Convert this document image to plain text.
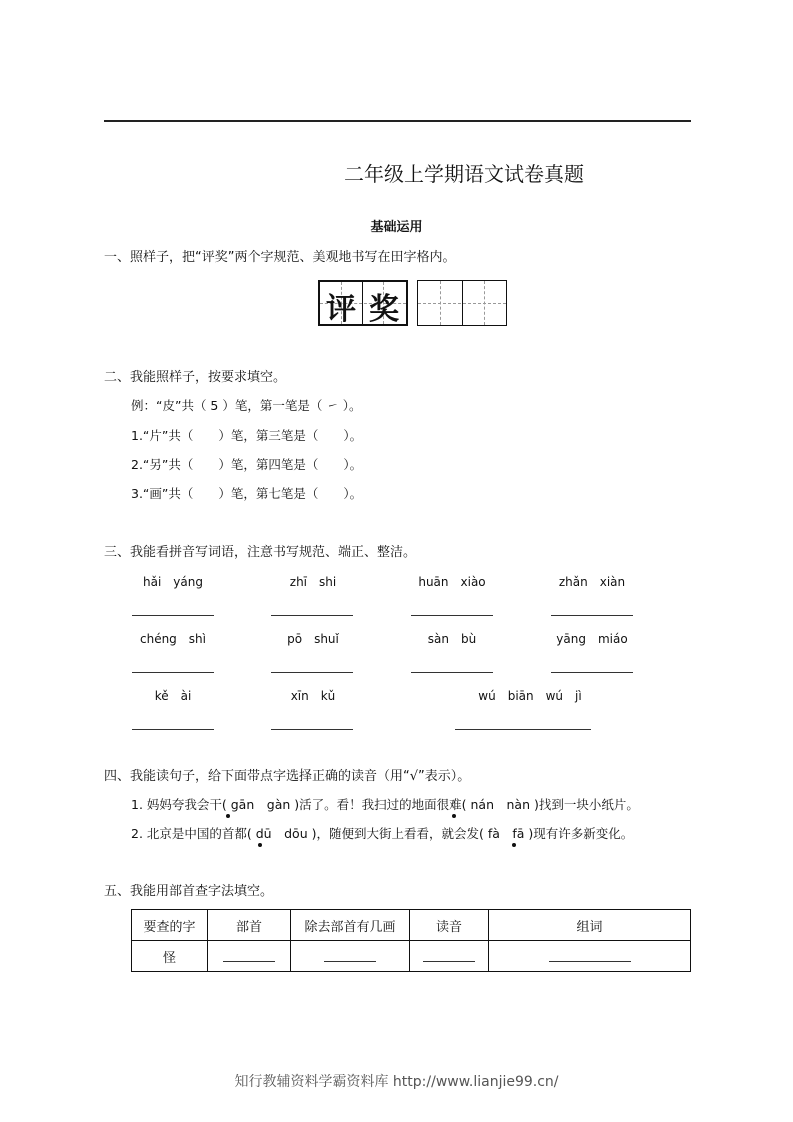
二年级上学期语文试卷真题
基础运用
一、照样子，把“评奖”两个字规范、美观地书写在田字格内。
评 奖
二、我能照样子，按要求填空。
例：“皮”共（ 5 ）笔，第一笔是（ ㇀ ）。
1.“片”共（　　）笔，第三笔是（　　）。
2.“另”共（　　）笔，第四笔是（　　）。
3.“画”共（　　）笔，第七笔是（　　）。
三、我能看拼音写词语，注意书写规范、端正、整洁。
hǎi　yáng	zhī　shi	huān　xiào	zhǎn　xiàn
chéng　shì	pō　shuǐ	sàn　bù	yāng　miáo
kě　ài	xīn　kǔ	wú　biān　wú　jì
四、我能读句子，给下面带点字选择正确的读音（用“√”表示）。
1. 妈妈夸我会干( gān　gàn )活了。看！我扫过的地面很难( nán　nàn )找到一块小纸片。
2. 北京是中国的首都( dū　dōu )，随便到大街上看看，就会发( fà　fā )现有许多新变化。
五、我能用部首查字法填空。
要查的字	部首	除去部首有几画	读音	组词
怪				
知行教辅资料学霸资料库 http://www.lianjie99.cn/
